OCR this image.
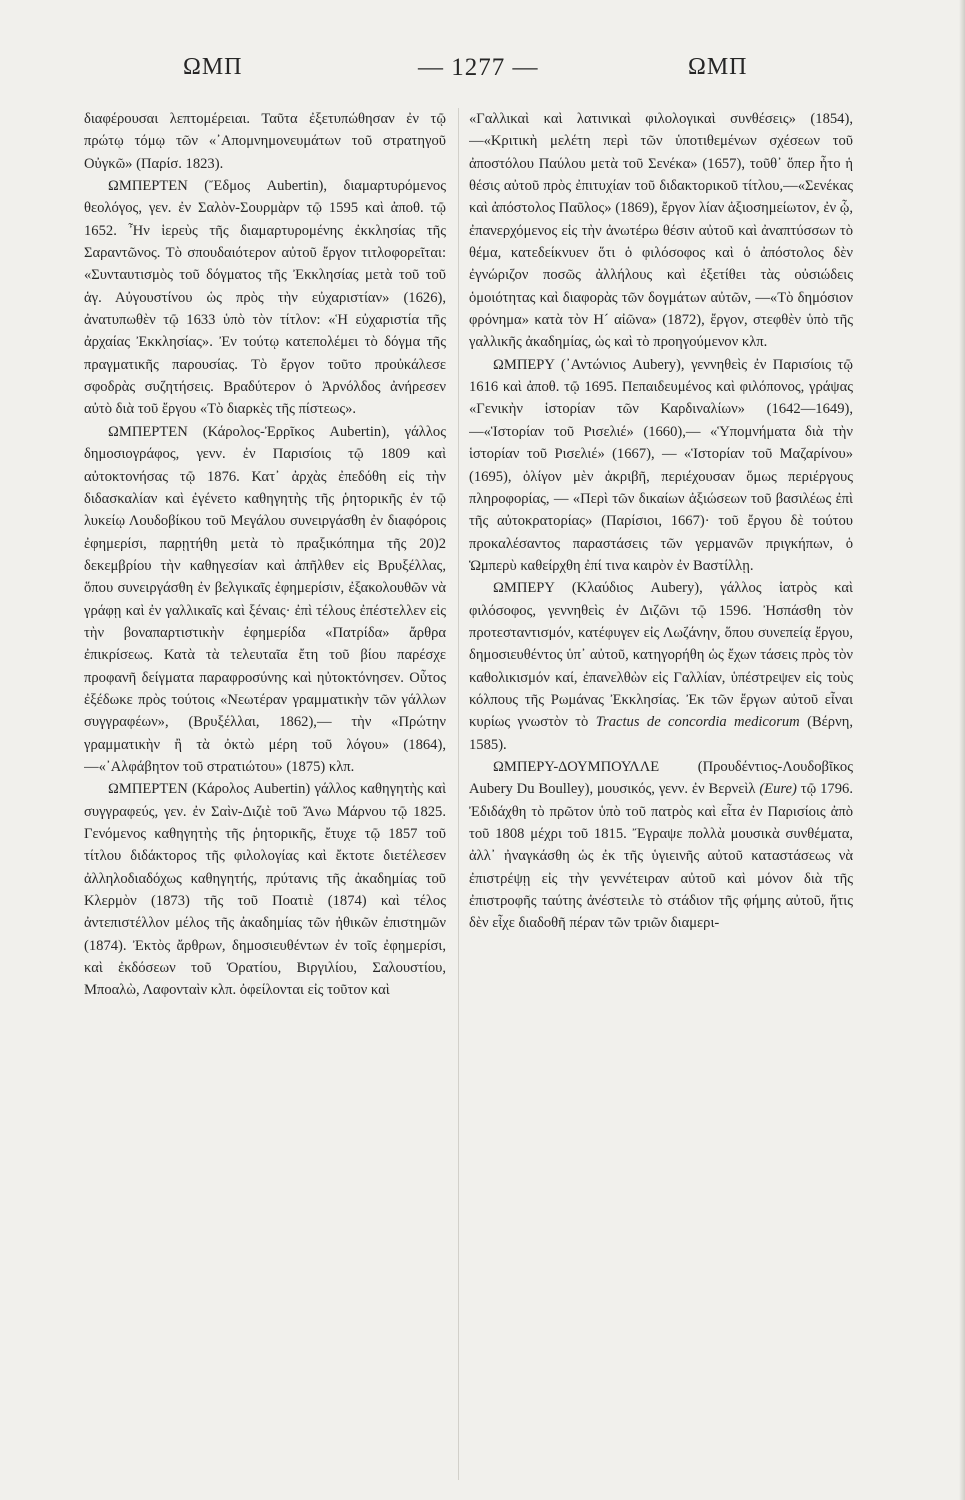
ΩΜΠ	— 1277 —	ΩΜΠ

διαφέρουσαι λεπτομέρειαι. Ταῦτα ἐξετυπώθησαν ἐν τῷ πρώτῳ τόμῳ τῶν «᾿Απομνημονευμάτων τοῦ στρατηγοῦ Οὐγκῶ» (Παρίσ. 1823).

ΩΜΠΕΡΤΕΝ (Ἔδμος Aubertin), διαμαρτυρόμενος θεολόγος, γεν. ἐν Σαλὸν-Σουρμὰρν τῷ 1595 καὶ ἀποθ. τῷ 1652. Ἦν ἱερεὺς τῆς διαμαρτυρομένης ἐκκλησίας τῆς Σαραντῶνος. Τὸ σπουδαιότερον αὐτοῦ ἔργον τιτλοφορεῖται: «Συνταυτισμὸς τοῦ δόγματος τῆς Ἐκκλησίας μετὰ τοῦ τοῦ ἁγ. Αὐγουστίνου ὡς πρὸς τὴν εὐχαριστίαν» (1626), ἀνατυπωθὲν τῷ 1633 ὑπὸ τὸν τίτλον: «Ἡ εὐχαριστία τῆς ἀρχαίας Ἐκκλησίας». Ἐν τούτῳ κατεπολέμει τὸ δόγμα τῆς πραγματικῆς παρουσίας. Τὸ ἔργον τοῦτο προὐκάλεσε σφοδρὰς συζητήσεις. Βραδύτερον ὁ Ἀρνόλδος ἀνήρεσεν αὐτὸ διὰ τοῦ ἔργου «Τὸ διαρκὲς τῆς πίστεως».

ΩΜΠΕΡΤΕΝ (Κάρολος-Ἐρρῖκος Aubertin), γάλλος δημοσιογράφος, γενν. ἐν Παρισίοις τῷ 1809 καὶ αὐτοκτονήσας τῷ 1876. Κατ᾿ ἀρχὰς ἐπεδόθη εἰς τὴν διδασκαλίαν καὶ ἐγένετο καθηγητὴς τῆς ῥητορικῆς ἐν τῷ λυκείῳ Λουδοβίκου τοῦ Μεγάλου συνειργάσθη ἐν διαφόροις ἐφημερίσι, παρῃτήθη μετὰ τὸ πραξικόπημα τῆς 20)2 δεκεμβρίου τὴν καθηγεσίαν καὶ ἀπῆλθεν εἰς Βρυξέλλας, ὅπου συνειργάσθη ἐν βελγικαῖς ἐφημερίσιν, ἐξακολουθῶν νὰ γράφῃ καὶ ἐν γαλλικαῖς καὶ ξέναις· ἐπὶ τέλους ἐπέστελλεν εἰς τὴν βοναπαρτιστικὴν ἐφημερίδα «Πατρίδα» ἄρθρα ἐπικρίσεως. Κατὰ τὰ τελευταῖα ἔτη τοῦ βίου παρέσχε προφανῆ δείγματα παραφροσύνης καὶ ηὐτοκτόνησεν. Οὗτος ἐξέδωκε πρὸς τούτοις «Νεωτέραν γραμματικὴν τῶν γάλλων συγγραφέων», (Βρυξέλλαι, 1862),— τὴν «Πρώτην γραμματικὴν ἢ τὰ ὀκτὼ μέρη τοῦ λόγου» (1864), —«᾿Αλφάβητον τοῦ στρατιώτου» (1875) κλπ.

ΩΜΠΕΡΤΕΝ (Κάρολος Aubertin) γάλλος καθηγητὴς καὶ συγγραφεύς, γεν. ἐν Σαὶν-Διζιὲ τοῦ Ἄνω Μάρνου τῷ 1825. Γενόμενος καθηγητὴς τῆς ῥητορικῆς, ἔτυχε τῷ 1857 τοῦ τίτλου διδάκτορος τῆς φιλολογίας καὶ ἔκτοτε διετέλεσεν ἀλληλοδιαδόχως καθηγητής, πρύτανις τῆς ἀκαδημίας τοῦ Κλερμὸν (1873) τῆς τοῦ Ποατιὲ (1874) καὶ τέλος ἀντεπιστέλλον μέλος τῆς ἀκαδημίας τῶν ἠθικῶν ἐπιστημῶν (1874). Ἐκτὸς ἄρθρων, δημοσιευθέντων ἐν τοῖς ἐφημερίσι, καὶ ἐκδόσεων τοῦ Ὁρατίου, Βιργιλίου, Σαλουστίου, Μποαλὼ, Λαφονταὶν κλπ. ὀφείλονται εἰς τοῦτον καὶ

«Γαλλικαὶ καὶ λατινικαὶ φιλολογικαὶ συνθέσεις» (1854),—«Κριτικὴ μελέτη περὶ τῶν ὑποτιθεμένων σχέσεων τοῦ ἀποστόλου Παύλου μετὰ τοῦ Σενέκα» (1657), τοῦθ᾿ ὅπερ ἦτο ἡ θέσις αὐτοῦ πρὸς ἐπιτυχίαν τοῦ διδακτορικοῦ τίτλου,—«Σενέκας καὶ ἀπόστολος Παῦλος» (1869), ἔργον λίαν ἀξιοσημείωτον, ἐν ᾧ, ἐπανερχόμενος εἰς τὴν ἀνωτέρω θέσιν αὐτοῦ καὶ ἀναπτύσσων τὸ θέμα, κατεδείκνυεν ὅτι ὁ φιλόσοφος καὶ ὁ ἀπόστολος δὲν ἐγνώριζον ποσῶς ἀλλήλους καὶ ἐξετίθει τὰς οὐσιώδεις ὁμοιότητας καὶ διαφορὰς τῶν δογμάτων αὐτῶν, —«Τὸ δημόσιον φρόνημα» κατὰ τὸν Η´ αἰῶνα» (1872), ἔργον, στεφθὲν ὑπὸ τῆς γαλλικῆς ἀκαδημίας, ὡς καὶ τὸ προηγούμενον κλπ.

ΩΜΠΕΡΥ (᾿Αντώνιος Aubery), γεννηθεὶς ἐν Παρισίοις τῷ 1616 καὶ ἀποθ. τῷ 1695. Πεπαιδευμένος καὶ φιλόπονος, γράψας «Γενικὴν ἱστορίαν τῶν Καρδιναλίων» (1642—1649),—«Ἱστορίαν τοῦ Ρισελιέ» (1660),— «Ὑπομνήματα διὰ τὴν ἱστορίαν τοῦ Ρισελιέ» (1667), — «Ἱστορίαν τοῦ Μαζαρίνου» (1695), ὀλίγον μὲν ἀκριβῆ, περιέχουσαν ὅμως περιέργους πληροφορίας, — «Περὶ τῶν δικαίων ἀξιώσεων τοῦ βασιλέως ἐπὶ τῆς αὐτοκρατορίας» (Παρίσιοι, 1667)· τοῦ ἔργου δὲ τούτου προκαλέσαντος παραστάσεις τῶν γερμανῶν πριγκήπων, ὁ Ὡμπερὺ καθείρχθη ἐπί τινα καιρὸν ἐν Βαστίλλῃ.

ΩΜΠΕΡΥ (Κλαύδιος Aubery), γάλλος ἰατρὸς καὶ φιλόσοφος, γεννηθεὶς ἐν Διζῶνι τῷ 1596. Ἠσπάσθη τὸν προτεσταντισμόν, κατέφυγεν εἰς Λωζάνην, ὅπου συνεπείᾳ ἔργου, δημοσιευθέντος ὑπ᾿ αὐτοῦ, κατηγορήθη ὡς ἔχων τάσεις πρὸς τὸν καθολικισμόν καί, ἐπανελθὼν εἰς Γαλλίαν, ὑπέστρεψεν εἰς τοὺς κόλπους τῆς Ρωμάνας Ἐκκλησίας. Ἐκ τῶν ἔργων αὐτοῦ εἶναι κυρίως γνωστὸν τὸ Tractus de concordia medicorum (Βέρνη, 1585).

ΩΜΠΕΡΥ-ΔΟΥΜΠΟΥΛΛΕ (Προυδέντιος-Λουδοβῖκος Aubery Du Boulley), μουσικός, γενν. ἐν Βερνεὶλ (Eure) τῷ 1796. Ἐδιδάχθη τὸ πρῶτον ὑπὸ τοῦ πατρὸς καὶ εἶτα ἐν Παρισίοις ἀπὸ τοῦ 1808 μέχρι τοῦ 1815. Ἔγραψε πολλὰ μουσικὰ συνθέματα, ἀλλ᾿ ἠναγκάσθη ὡς ἐκ τῆς ὑγιεινῆς αὐτοῦ καταστάσεως νὰ ἐπιστρέψῃ εἰς τὴν γεννέτειραν αὐτοῦ καὶ μόνον διὰ τῆς ἐπιστροφῆς ταύτης ἀνέστειλε τὸ στάδιον τῆς φήμης αὐτοῦ, ἥτις δὲν εἶχε διαδοθῆ πέραν τῶν τριῶν διαμερι-
